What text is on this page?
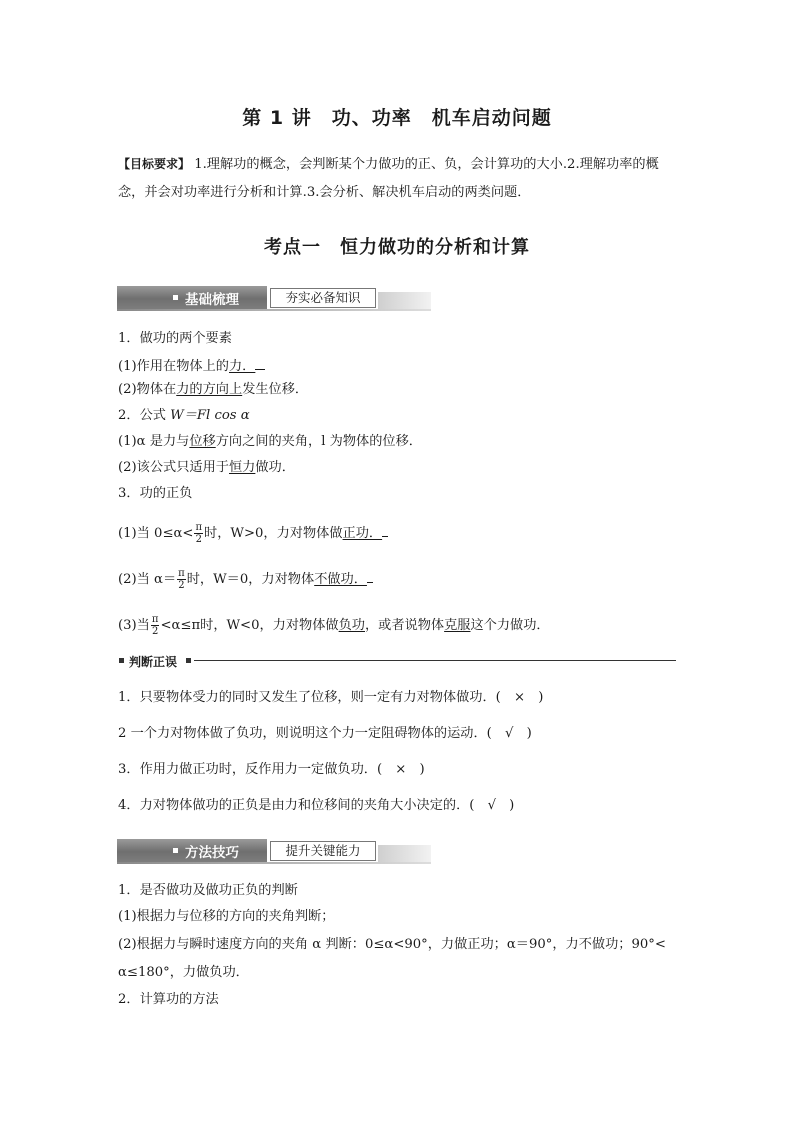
第 1 讲　功、功率　机车启动问题
【目标要求】 1.理解功的概念，会判断某个力做功的正、负，会计算功的大小.2.理解功率的概念，并会对功率进行分析和计算.3.会分析、解决机车启动的两类问题．
考点一　恒力做功的分析和计算
基础梳理	夯实必备知识
1．做功的两个要素
(1)作用在物体上的力．
(2)物体在力的方向上发生位移．
2．公式 W＝Fl cos α
(1)α 是力与位移方向之间的夹角，l 为物体的位移．
(2)该公式只适用于恒力做功．
3．功的正负
(1)当 $0\le\alpha< \frac{\pi}{2}$ 时，W>0，力对物体做正功．
(2)当 $\alpha= \frac{\pi}{2}$ 时，W＝0，力对物体不做功．
(3)当 $\frac{\pi}{2} <\alpha\le\pi$时，W<0，力对物体做负功，或者说物体克服这个力做功．
判断正误
1．只要物体受力的同时又发生了位移，则一定有力对物体做功．(　×　)
2 一个力对物体做了负功，则说明这个力一定阻碍物体的运动．(　√　)
3．作用力做正功时，反作用力一定做负功．(　×　)
4．力对物体做功的正负是由力和位移间的夹角大小决定的．(　√　)
方法技巧	提升关键能力
1．是否做功及做功正负的判断
(1)根据力与位移的方向的夹角判断；
(2)根据力与瞬时速度方向的夹角 α 判断：0≤α<90°，力做正功；α＝90°，力不做功；90°<
α≤180°，力做负功．
2．计算功的方法
